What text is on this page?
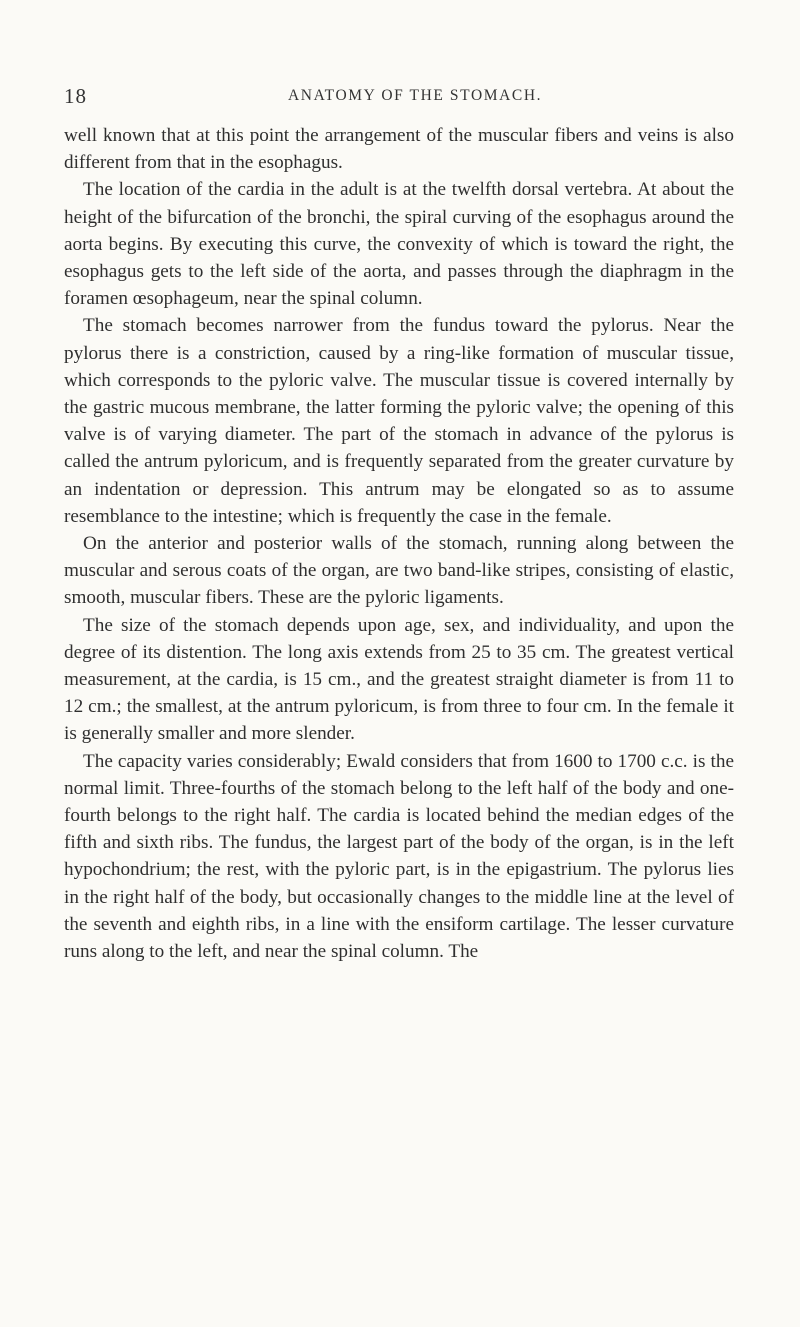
18	ANATOMY OF THE STOMACH.

well known that at this point the arrangement of the muscular fibers and veins is also different from that in the esophagus.

The location of the cardia in the adult is at the twelfth dorsal vertebra. At about the height of the bifurcation of the bronchi, the spiral curving of the esophagus around the aorta begins. By executing this curve, the convexity of which is toward the right, the esophagus gets to the left side of the aorta, and passes through the diaphragm in the foramen œsophageum, near the spinal column.

The stomach becomes narrower from the fundus toward the pylorus. Near the pylorus there is a constriction, caused by a ring-like formation of muscular tissue, which corresponds to the pyloric valve. The muscular tissue is covered internally by the gastric mucous membrane, the latter forming the pyloric valve; the opening of this valve is of varying diameter. The part of the stomach in advance of the pylorus is called the antrum pyloricum, and is frequently separated from the greater curvature by an indentation or depression. This antrum may be elongated so as to assume resemblance to the intestine; which is frequently the case in the female.

On the anterior and posterior walls of the stomach, running along between the muscular and serous coats of the organ, are two band-like stripes, consisting of elastic, smooth, muscular fibers. These are the pyloric ligaments.

The size of the stomach depends upon age, sex, and individuality, and upon the degree of its distention. The long axis extends from 25 to 35 cm. The greatest vertical measurement, at the cardia, is 15 cm., and the greatest straight diameter is from 11 to 12 cm.; the smallest, at the antrum pyloricum, is from three to four cm. In the female it is generally smaller and more slender.

The capacity varies considerably; Ewald considers that from 1600 to 1700 c.c. is the normal limit. Three-fourths of the stomach belong to the left half of the body and one-fourth belongs to the right half. The cardia is located behind the median edges of the fifth and sixth ribs. The fundus, the largest part of the body of the organ, is in the left hypochondrium; the rest, with the pyloric part, is in the epigastrium. The pylorus lies in the right half of the body, but occasionally changes to the middle line at the level of the seventh and eighth ribs, in a line with the ensiform cartilage. The lesser curvature runs along to the left, and near the spinal column. The
